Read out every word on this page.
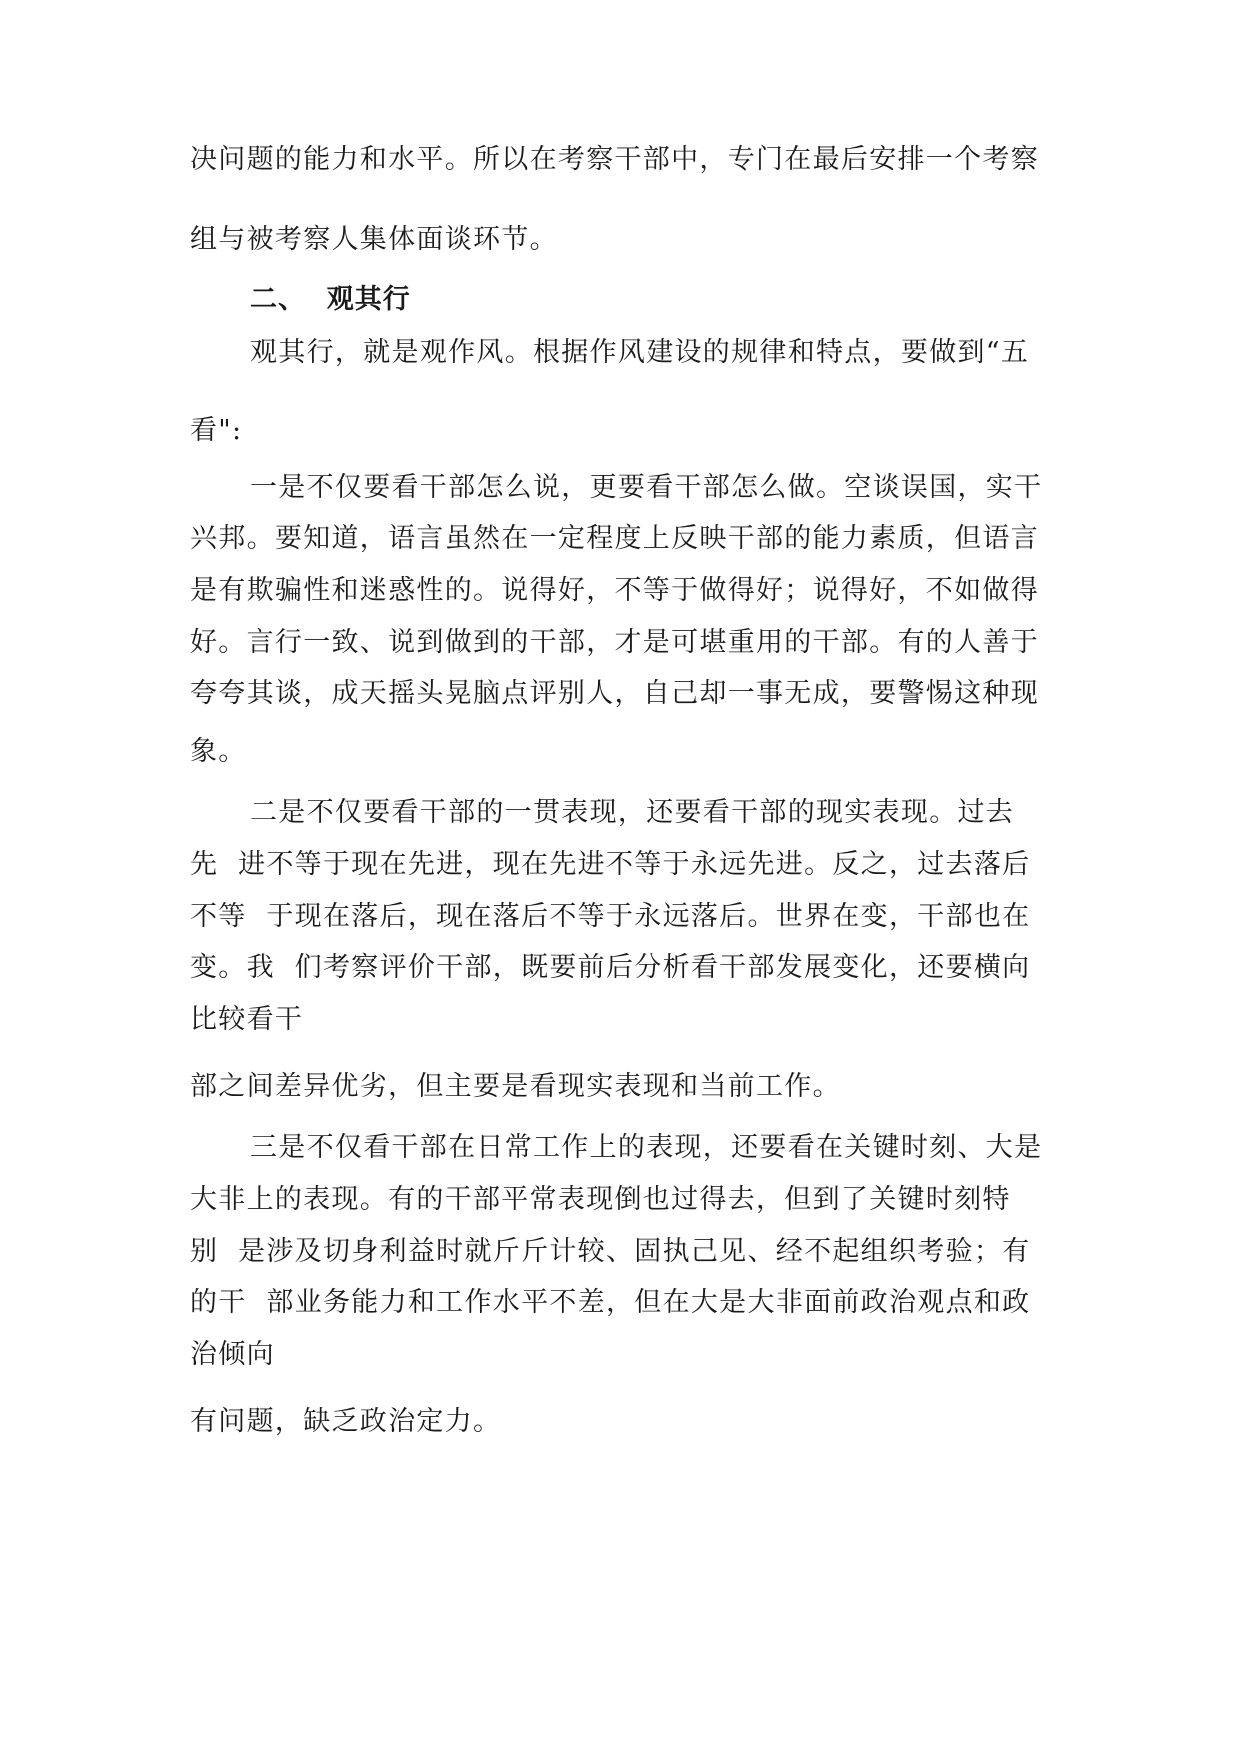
决问题的能力和水平。所以在考察干部中，专门在最后安排一个考察

组与被考察人集体面谈环节。

二、  观其行

观其行，就是观作风。根据作风建设的规律和特点，要做到“五

看":

一是不仅要看干部怎么说，更要看干部怎么做。空谈误国，实干

兴邦。要知道，语言虽然在一定程度上反映干部的能力素质，但语言

是有欺骗性和迷惑性的。说得好，不等于做得好；说得好，不如做得

好。言行一致、说到做到的干部，才是可堪重用的干部。有的人善于

夸夸其谈，成天摇头晃脑点评别人，自己却一事无成，要警惕这种现

象。

二是不仅要看干部的一贯表现，还要看干部的现实表现。过去

先  进不等于现在先进，现在先进不等于永远先进。反之，过去落后

不等  于现在落后，现在落后不等于永远落后。世界在变，干部也在

变。我  们考察评价干部，既要前后分析看干部发展变化，还要横向

比较看干

部之间差异优劣，但主要是看现实表现和当前工作。

三是不仅看干部在日常工作上的表现，还要看在关键时刻、大是

大非上的表现。有的干部平常表现倒也过得去，但到了关键时刻特

别  是涉及切身利益时就斤斤计较、固执己见、经不起组织考验；有

的干  部业务能力和工作水平不差，但在大是大非面前政治观点和政

治倾向

有问题，缺乏政治定力。
